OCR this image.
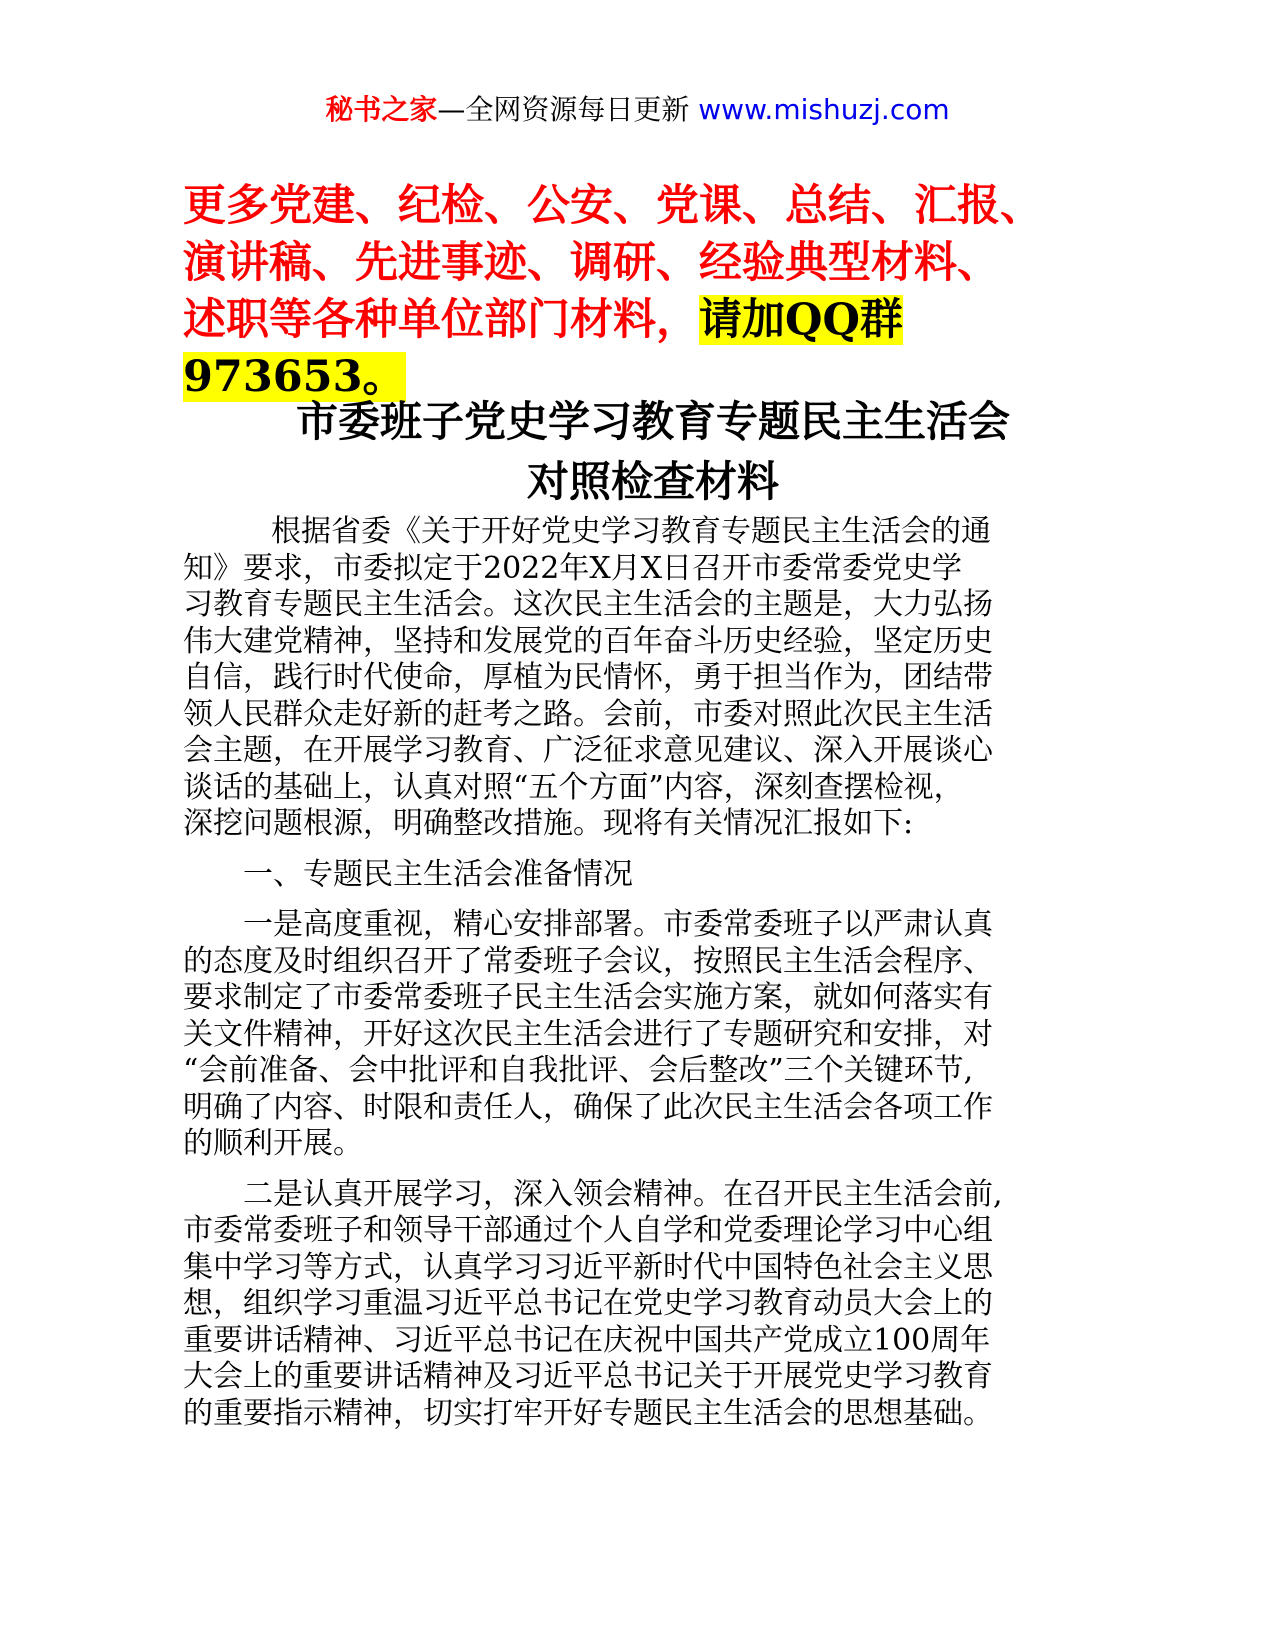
秘书之家—全网资源每日更新 www.mishuzj.com
更多党建、纪检、公安、党课、总结、汇报、
演讲稿、先进事迹、调研、经验典型材料、
述职等各种单位部门材料，请加QQ群
973653。
市委班子党史学习教育专题民主生活会
对照检查材料
根据省委《关于开好党史学习教育专题民主生活会的通
知》要求，市委拟定于2022年X月X日召开市委常委党史学
习教育专题民主生活会。这次民主生活会的主题是，大力弘扬
伟大建党精神，坚持和发展党的百年奋斗历史经验，坚定历史
自信，践行时代使命，厚植为民情怀，勇于担当作为，团结带
领人民群众走好新的赶考之路。会前，市委对照此次民主生活
会主题，在开展学习教育、广泛征求意见建议、深入开展谈心
谈话的基础上，认真对照“五个方面”内容，深刻查摆检视，
深挖问题根源，明确整改措施。现将有关情况汇报如下:
一、专题民主生活会准备情况
一是高度重视，精心安排部署。市委常委班子以严肃认真
的态度及时组织召开了常委班子会议，按照民主生活会程序、
要求制定了市委常委班子民主生活会实施方案，就如何落实有
关文件精神，开好这次民主生活会进行了专题研究和安排，对
“会前准备、会中批评和自我批评、会后整改”三个关键环节,
明确了内容、时限和责任人，确保了此次民主生活会各项工作
的顺利开展。
二是认真开展学习，深入领会精神。在召开民主生活会前,
市委常委班子和领导干部通过个人自学和党委理论学习中心组
集中学习等方式，认真学习习近平新时代中国特色社会主义思
想，组织学习重温习近平总书记在党史学习教育动员大会上的
重要讲话精神、习近平总书记在庆祝中国共产党成立100周年
大会上的重要讲话精神及习近平总书记关于开展党史学习教育
的重要指示精神，切实打牢开好专题民主生活会的思想基础。
